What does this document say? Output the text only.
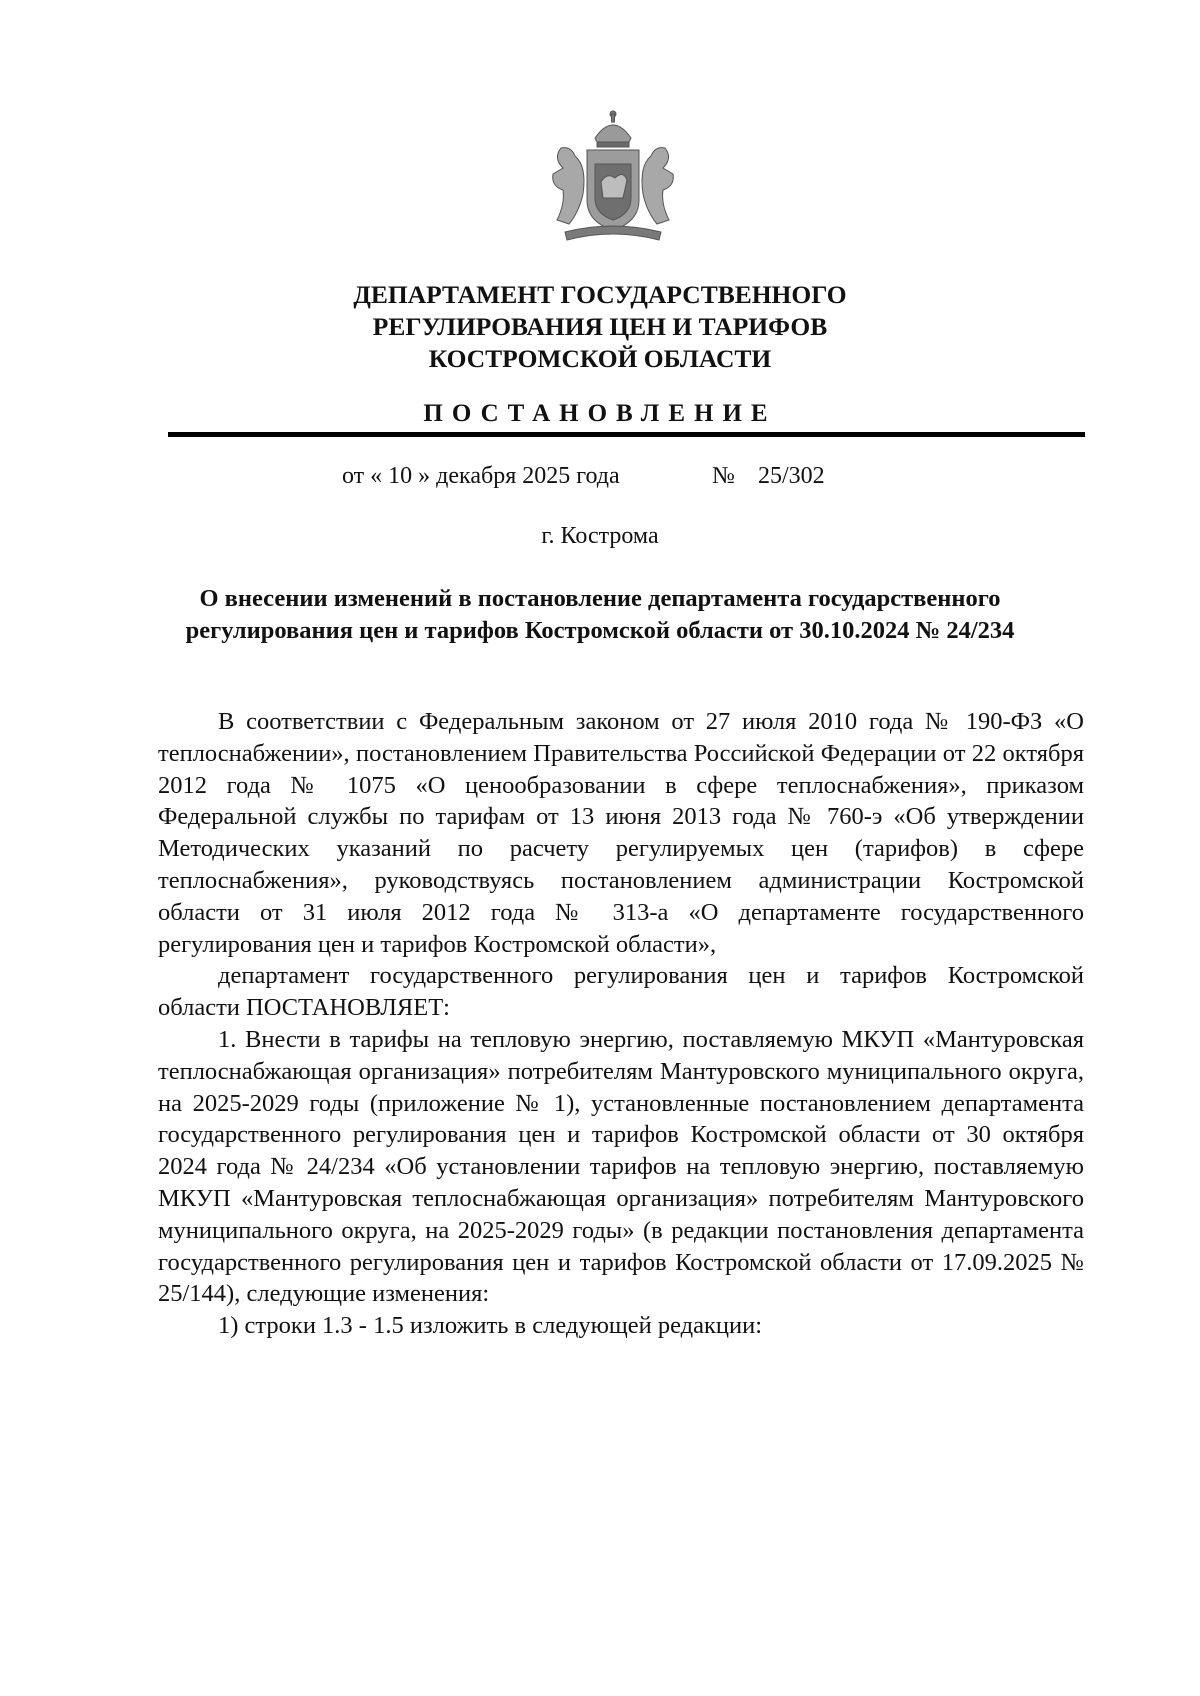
ДЕПАРТАМЕНТ ГОСУДАРСТВЕННОГО
РЕГУЛИРОВАНИЯ ЦЕН И ТАРИФОВ
КОСТРОМСКОЙ ОБЛАСТИ
ПОСТАНОВЛЕНИЕ
от « 10 » декабря 2025 года	№ 25/302
г. Кострома
О внесении изменений в постановление департамента государственного
регулирования цен и тарифов Костромской области от 30.10.2024 № 24/234

В соответствии с Федеральным законом от 27 июля 2010 года № 190-ФЗ «О теплоснабжении», постановлением Правительства Российской Федерации от 22 октября 2012 года № 1075 «О ценообразовании в сфере теплоснабжения», приказом Федеральной службы по тарифам от 13 июня 2013 года № 760-э «Об утверждении Методических указаний по расчету регулируемых цен (тарифов) в сфере теплоснабжения», руководствуясь постановлением администрации Костромской области от 31 июля 2012 года № 313-а «О департаменте государственного регулирования цен и тарифов Костромской области»,

департамент государственного регулирования цен и тарифов Костромской области ПОСТАНОВЛЯЕТ:

1. Внести в тарифы на тепловую энергию, поставляемую МКУП «Мантуровская теплоснабжающая организация» потребителям Мантуровского муниципального округа, на 2025-2029 годы (приложение № 1), установленные постановлением департамента государственного регулирования цен и тарифов Костромской области от 30 октября 2024 года № 24/234 «Об установлении тарифов на тепловую энергию, поставляемую МКУП «Мантуровская теплоснабжающая организация» потребителям Мантуровского муниципального округа, на 2025-2029 годы» (в редакции постановления департамента государственного регулирования цен и тарифов Костромской области от 17.09.2025 № 25/144), следующие изменения:

1) строки 1.3 - 1.5 изложить в следующей редакции:
